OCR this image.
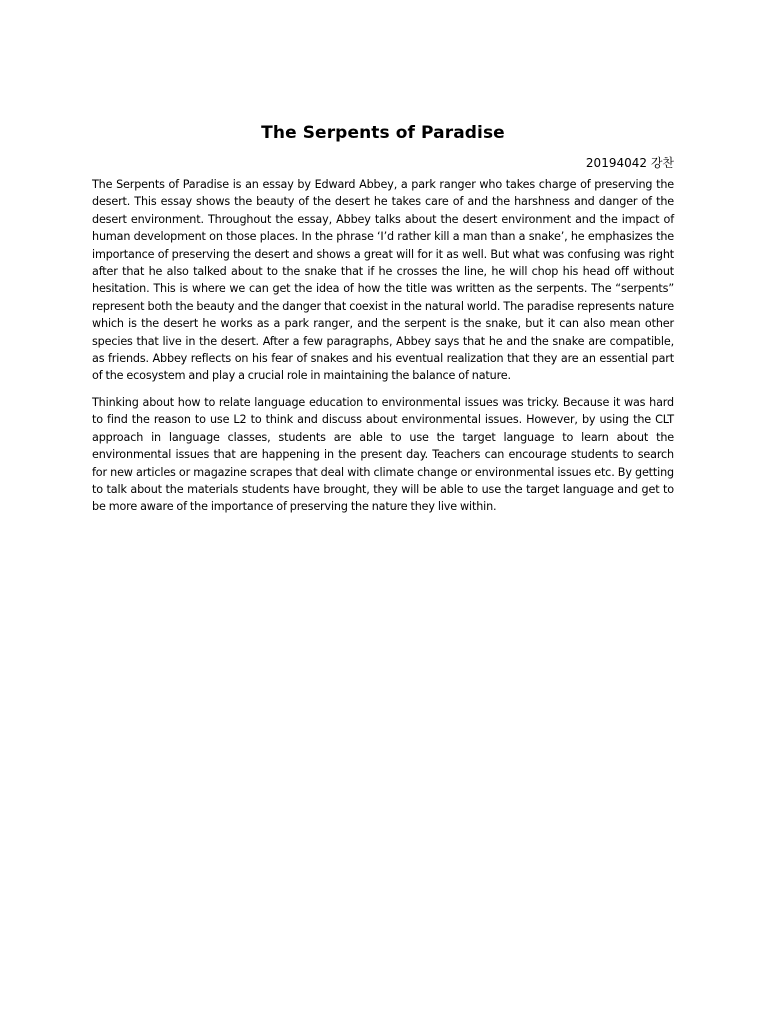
The Serpents of Paradise
20194042 강찬

The Serpents of Paradise is an essay by Edward Abbey, a park ranger who takes charge of preserving the desert. This essay shows the beauty of the desert he takes care of and the harshness and danger of the desert environment. Throughout the essay, Abbey talks about the desert environment and the impact of human development on those places. In the phrase ‘I’d rather kill a man than a snake’, he emphasizes the importance of preserving the desert and shows a great will for it as well. But what was confusing was right after that he also talked about to the snake that if he crosses the line, he will chop his head off without hesitation. This is where we can get the idea of how the title was written as the serpents. The “serpents” represent both the beauty and the danger that coexist in the natural world. The paradise represents nature which is the desert he works as a park ranger, and the serpent is the snake, but it can also mean other species that live in the desert. After a few paragraphs, Abbey says that he and the snake are compatible, as friends. Abbey reflects on his fear of snakes and his eventual realization that they are an essential part of the ecosystem and play a crucial role in maintaining the balance of nature.

Thinking about how to relate language education to environmental issues was tricky. Because it was hard to find the reason to use L2 to think and discuss about environmental issues. However, by using the CLT approach in language classes, students are able to use the target language to learn about the environmental issues that are happening in the present day. Teachers can encourage students to search for new articles or magazine scrapes that deal with climate change or environmental issues etc. By getting to talk about the materials students have brought, they will be able to use the target language and get to be more aware of the importance of preserving the nature they live within.
